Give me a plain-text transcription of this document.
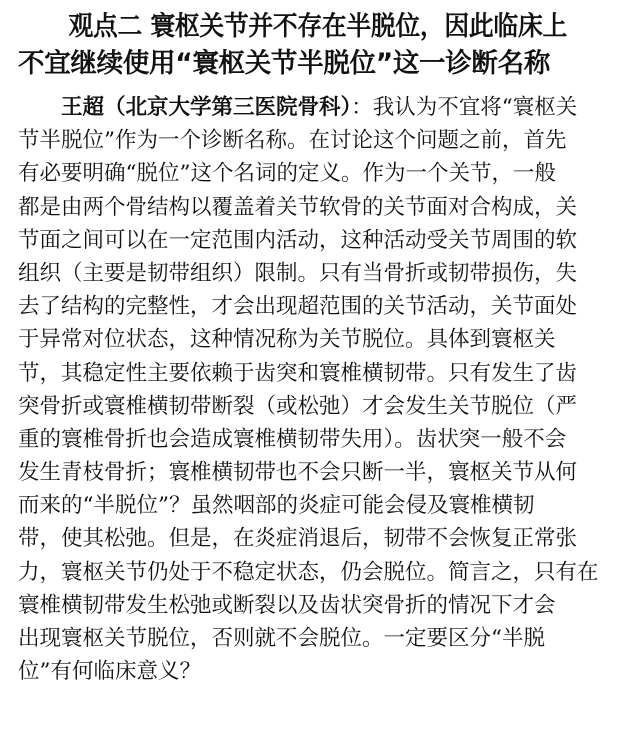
观点二 寰枢关节并不存在半脱位，因此临床上
不宜继续使用“寰枢关节半脱位”这一诊断名称
王超（北京大学第三医院骨科）：我认为不宜将“寰枢关
节半脱位”作为一个诊断名称。在讨论这个问题之前，首先
有必要明确“脱位”这个名词的定义。作为一个关节，一般
都是由两个骨结构以覆盖着关节软骨的关节面对合构成，关
节面之间可以在一定范围内活动，这种活动受关节周围的软
组织（主要是韧带组织）限制。只有当骨折或韧带损伤，失
去了结构的完整性，才会出现超范围的关节活动，关节面处
于异常对位状态，这种情况称为关节脱位。具体到寰枢关
节，其稳定性主要依赖于齿突和寰椎横韧带。只有发生了齿
突骨折或寰椎横韧带断裂（或松弛）才会发生关节脱位（严
重的寰椎骨折也会造成寰椎横韧带失用）。齿状突一般不会
发生青枝骨折；寰椎横韧带也不会只断一半，寰枢关节从何
而来的“半脱位”？虽然咽部的炎症可能会侵及寰椎横韧
带，使其松弛。但是，在炎症消退后，韧带不会恢复正常张
力，寰枢关节仍处于不稳定状态，仍会脱位。简言之，只有在
寰椎横韧带发生松弛或断裂以及齿状突骨折的情况下才会
出现寰枢关节脱位，否则就不会脱位。一定要区分“半脱
位”有何临床意义？
